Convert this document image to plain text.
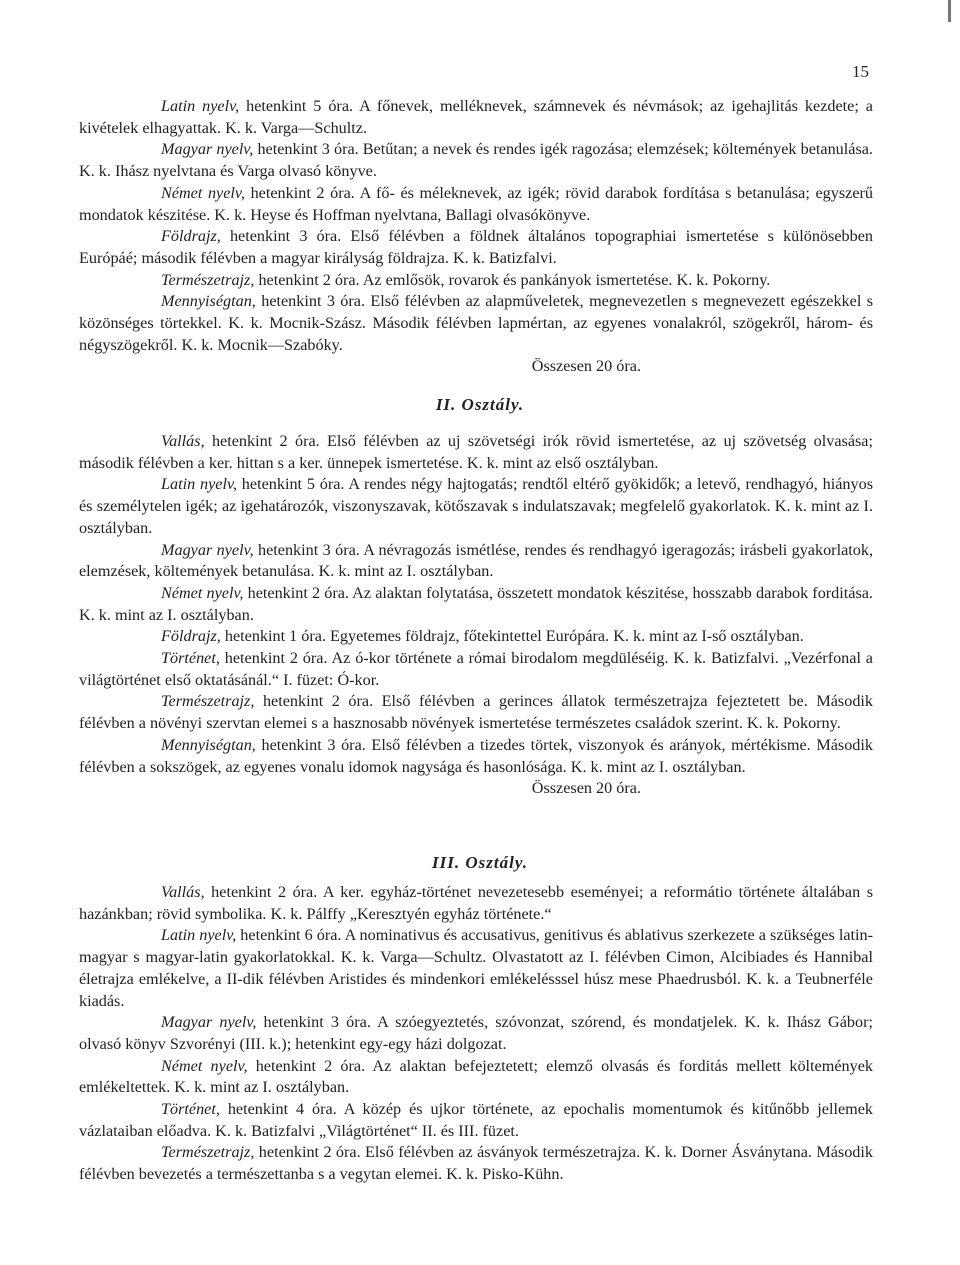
15

Latin nyelv, hetenkint 5 óra. A főnevek, melléknevek, számnevek és névmások; az igehajlitás kezdete; a kivételek elhagyattak. K. k. Varga—Schultz.

Magyar nyelv, hetenkint 3 óra. Betűtan; a nevek és rendes igék ragozása; elemzések; költemények betanulása. K. k. Ihász nyelvtana és Varga olvasó könyve.

Német nyelv, hetenkint 2 óra. A fő- és méleknevek, az igék; rövid darabok fordítása s betanulása; egyszerű mondatok készitése. K. k. Heyse és Hoffman nyelvtana, Ballagi olvasókönyve.

Földrajz, hetenkint 3 óra. Első félévben a földnek általános topographiai ismertetése s különösebben Európáé; második félévben a magyar királyság földrajza. K. k. Batizfalvi.

Természetrajz, hetenkint 2 óra. Az emlősök, rovarok és pankányok ismertetése. K. k. Pokorny.

Mennyiségtan, hetenkint 3 óra. Első félévben az alapműveletek, megnevezetlen s megnevezett egészekkel s közönséges törtekkel. K. k. Mocnik-Szász. Második félévben lapmértan, az egyenes vonalakról, szögekről, három- és négyszögekről. K. k. Mocnik—Szabóky.

Összesen 20 óra.

II. Osztály.

Vallás, hetenkint 2 óra. Első félévben az uj szövetségi irók rövid ismertetése, az uj szövetség olvasása; második félévben a ker. hittan s a ker. ünnepek ismertetése. K. k. mint az első osztályban.

Latin nyelv, hetenkint 5 óra. A rendes négy hajtogatás; rendtől eltérő gyökidők; a letevő, rendhagyó, hiányos és személytelen igék; az igehatározók, viszonyszavak, kötőszavak s indulatszavak; megfelelő gyakorlatok. K. k. mint az I. osztályban.

Magyar nyelv, hetenkint 3 óra. A névragozás ismétlése, rendes és rendhagyó igeragozás; irásbeli gyakorlatok, elemzések, költemények betanulása. K. k. mint az I. osztályban.

Német nyelv, hetenkint 2 óra. Az alaktan folytatása, összetett mondatok készitése, hosszabb darabok forditása. K. k. mint az I. osztályban.

Földrajz, hetenkint 1 óra. Egyetemes földrajz, főtekintettel Európára. K. k. mint az I-ső osztályban.

Történet, hetenkint 2 óra. Az ó-kor története a római birodalom megdüléséig. K. k. Batizfalvi. „Vezérfonal a világtörténet első oktatásánál.“ I. füzet: Ó-kor.

Természetrajz, hetenkint 2 óra. Első félévben a gerinces állatok természetrajza fejeztetett be. Második félévben a növényi szervtan elemei s a hasznosabb növények ismertetése természetes családok szerint. K. k. Pokorny.

Mennyiségtan, hetenkint 3 óra. Első félévben a tizedes törtek, viszonyok és arányok, mértékisme. Második félévben a sokszögek, az egyenes vonalu idomok nagysága és hasonlósága. K. k. mint az I. osztályban.

Összesen 20 óra.

III. Osztály.

Vallás, hetenkint 2 óra. A ker. egyház-történet nevezetesebb eseményei; a reformátio története általában s hazánkban; rövid symbolika. K. k. Pálffy „Keresztyén egyház története.“

Latin nyelv, hetenkint 6 óra. A nominativus és accusativus, genitivus és ablativus szerkezete a szükséges latin-magyar s magyar-latin gyakorlatokkal. K. k. Varga—Schultz. Olvastatott az I. félévben Cimon, Alcibiades és Hannibal életrajza emlékelve, a II-dik félévben Aristides és mindenkori emlékelésssel húsz mese Phaedrusból. K. k. a Teubnerféle kiadás.

Magyar nyelv, hetenkint 3 óra. A szóegyeztetés, szóvonzat, szórend, és mondatjelek. K. k. Ihász Gábor; olvasó könyv Szvorényi (III. k.); hetenkint egy-egy házi dolgozat.

Német nyelv, hetenkint 2 óra. Az alaktan befejeztetett; elemző olvasás és forditás mellett költemények emlékeltettek. K. k. mint az I. osztályban.

Történet, hetenkint 4 óra. A közép és ujkor története, az epochalis momentumok és kitűnőbb jellemek vázlataiban előadva. K. k. Batizfalvi „Világtörténet“ II. és III. füzet.

Természetrajz, hetenkint 2 óra. Első félévben az ásványok természetrajza. K. k. Dorner Ásványtana. Második félévben bevezetés a természettanba s a vegytan elemei. K. k. Pisko-Kühn.
